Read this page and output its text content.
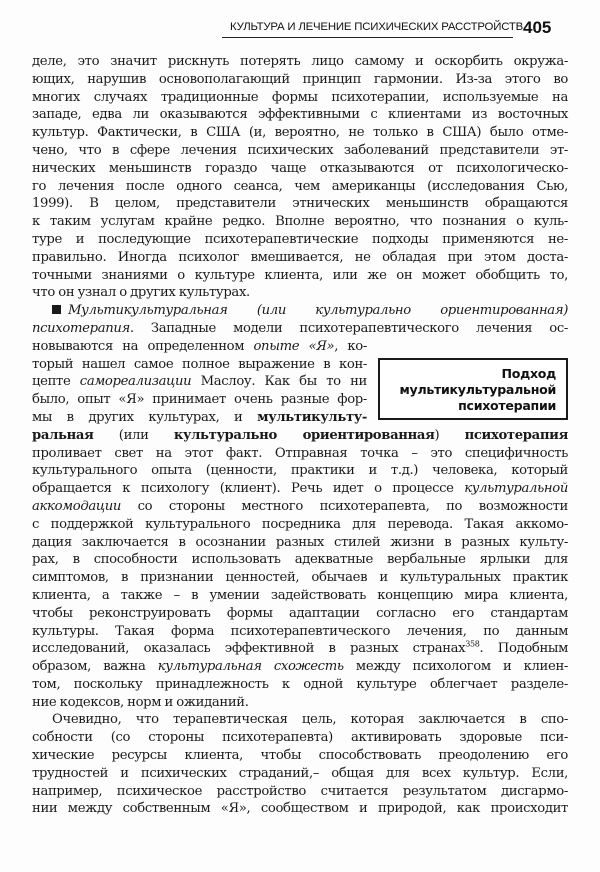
КУЛЬТУРА И ЛЕЧЕНИЕ ПСИХИЧЕСКИХ РАССТРОЙСТВ 405
Подход
мультикультуральной
психотерапии
деле, это значит рискнуть потерять лицо самому и оскорбить окружа-
ющих, нарушив основополагающий принцип гармонии. Из-за этого во
многих случаях традиционные формы психотерапии, используемые на
западе, едва ли оказываются эффективными с клиентами из восточных
культур. Фактически, в США (и, вероятно, не только в США) было отме-
чено, что в сфере лечения психических заболеваний представители эт-
нических меньшинств гораздо чаще отказываются от психологическо-
го лечения после одного сеанса, чем американцы (исследования Сью,
1999). В целом, представители этнических меньшинств обращаются
к таким услугам крайне редко. Вполне вероятно, что познания о куль-
туре и последующие психотерапевтические подходы применяются не-
правильно. Иногда психолог вмешивается, не обладая при этом доста-
точными знаниями о культуре клиента, или же он может обобщить то,
что он узнал о других культурах.
Мультикультуральная (или культурально ориентированная)
психотерапия. Западные модели психотерапевтического лечения ос-
новываются на определенном опыте «Я», ко-
торый нашел самое полное выражение в кон-
цепте самореализации Маслоу. Как бы то ни
было, опыт «Я» принимает очень разные фор-
мы в других культурах, и мультикульту-
ральная (или культурально ориентированная) психотерапия
проливает свет на этот факт. Отправная точка – это специфичность
культурального опыта (ценности, практики и т.д.) человека, который
обращается к психологу (клиент). Речь идет о процессе культуральной
аккомодации со стороны местного психотерапевта, по возможности
с поддержкой культурального посредника для перевода. Такая аккомо-
дация заключается в осознании разных стилей жизни в разных культу-
рах, в способности использовать адекватные вербальные ярлыки для
симптомов, в признании ценностей, обычаев и культуральных практик
клиента, а также – в умении задействовать концепцию мира клиента,
чтобы реконструировать формы адаптации согласно его стандартам
культуры. Такая форма психотерапевтического лечения, по данным
исследований, оказалась эффективной в разных странах$^{358}$. Подобным
образом, важна культуральная схожесть между психологом и клиен-
том, поскольку принадлежность к одной культуре облегчает разделе-
ние кодексов, норм и ожиданий.
Очевидно, что терапевтическая цель, которая заключается в спо-
собности (со стороны психотерапевта) активировать здоровые пси-
хические ресурсы клиента, чтобы способствовать преодолению его
трудностей и психических страданий,– общая для всех культур. Если,
например, психическое расстройство считается результатом дисгармо-
нии между собственным «Я», сообществом и природой, как происходит
